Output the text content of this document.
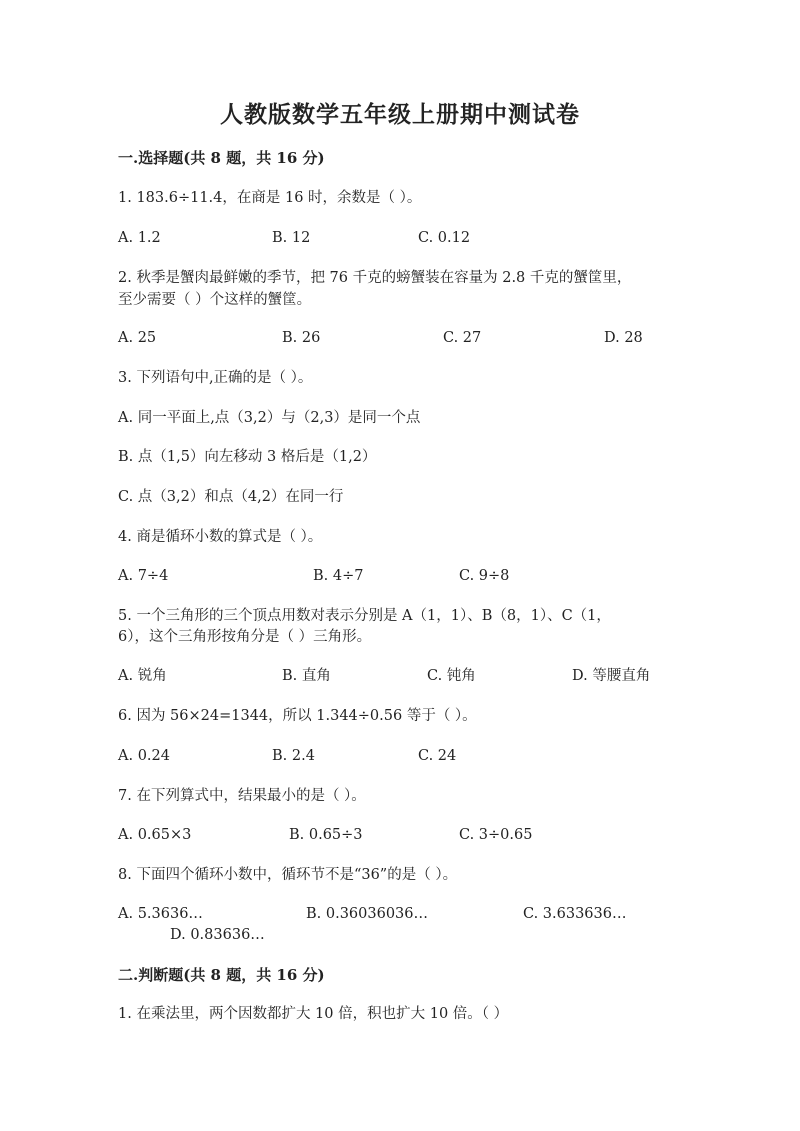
人教版数学五年级上册期中测试卷
一.选择题(共 8 题，共 16 分)
1. 183.6÷11.4，在商是 16 时，余数是（ ）。
A. 1.2	B. 12	C. 0.12
2. 秋季是蟹肉最鲜嫩的季节，把 76 千克的螃蟹装在容量为 2.8 千克的蟹筐里，
至少需要（ ）个这样的蟹筐。
A. 25	B. 26	C. 27	D. 28
3. 下列语句中,正确的是（ ）。
A. 同一平面上,点（3,2）与（2,3）是同一个点
B. 点（1,5）向左移动 3 格后是（1,2）
C. 点（3,2）和点（4,2）在同一行
4. 商是循环小数的算式是（ ）。
A. 7÷4	B. 4÷7	C. 9÷8
5. 一个三角形的三个顶点用数对表示分别是 A（1，1）、B（8，1）、C（1，
6），这个三角形按角分是（ ）三角形。
A. 锐角	B. 直角	C. 钝角	D. 等腰直角
6. 因为 56×24=1344，所以 1.344÷0.56 等于（ ）。
A. 0.24	B. 2.4	C. 24
7. 在下列算式中，结果最小的是（ ）。
A. 0.65×3	B. 0.65÷3	C. 3÷0.65
8. 下面四个循环小数中，循环节不是“36”的是（ ）。
A. 5.3636…	B. 0.36036036…	C. 3.633636…
D. 0.83636…
二.判断题(共 8 题，共 16 分)
1. 在乘法里，两个因数都扩大 10 倍，积也扩大 10 倍。（ ）
